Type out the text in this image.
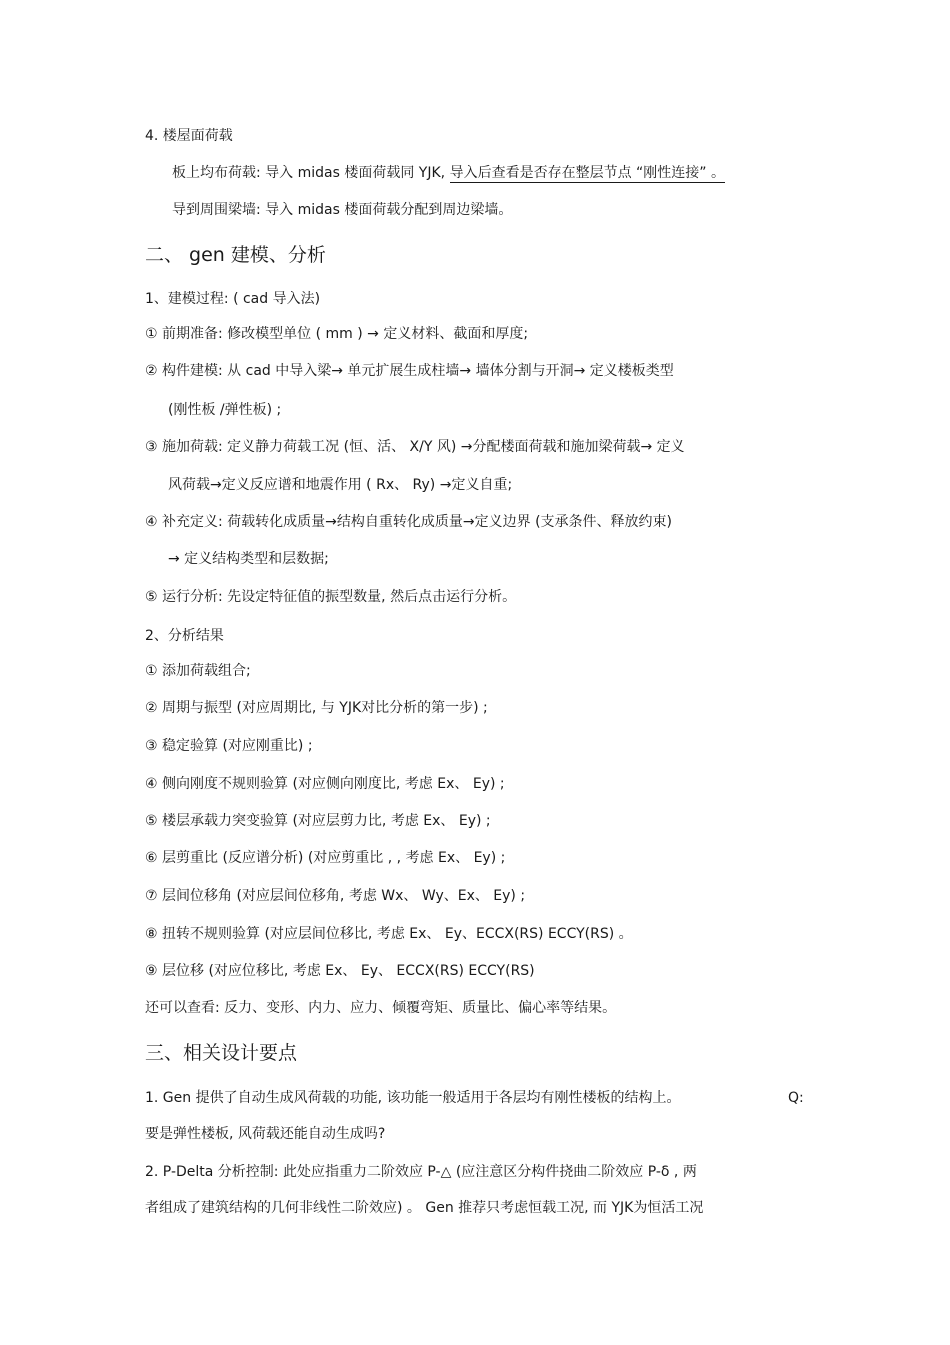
4. 楼屋面荷载
板上均布荷载: 导入 midas 楼面荷载同 YJK, 导入后查看是否存在整层节点 “刚性连接” 。
导到周围梁墙: 导入 midas 楼面荷载分配到周边梁墙。
二、 gen 建模、分析
1、建模过程: ( cad 导入法)
① 前期准备: 修改模型单位 ( mm ) → 定义材料、截面和厚度;
② 构件建模: 从 cad 中导入梁→ 单元扩展生成柱墙→ 墙体分割与开洞→ 定义楼板类型
(刚性板 /弹性板) ;
③ 施加荷载: 定义静力荷载工况 (恒、活、 X/Y 风) →分配楼面荷载和施加梁荷载→ 定义
风荷载→定义反应谱和地震作用 ( Rx、 Ry) →定义自重;
④ 补充定义: 荷载转化成质量→结构自重转化成质量→定义边界 (支承条件、释放约束)
→ 定义结构类型和层数据;
⑤ 运行分析: 先设定特征值的振型数量, 然后点击运行分析。
2、分析结果
① 添加荷载组合;
② 周期与振型 (对应周期比, 与 YJK对比分析的第一步) ;
③ 稳定验算 (对应刚重比) ;
④ 侧向刚度不规则验算 (对应侧向刚度比, 考虑 Ex、 Ey) ;
⑤ 楼层承载力突变验算 (对应层剪力比, 考虑 Ex、 Ey) ;
⑥ 层剪重比 (反应谱分析) (对应剪重比 , , 考虑 Ex、 Ey) ;
⑦ 层间位移角 (对应层间位移角, 考虑 Wx、 Wy、Ex、 Ey) ;
⑧ 扭转不规则验算 (对应层间位移比, 考虑 Ex、 Ey、ECCX(RS) ECCY(RS) 。
⑨ 层位移 (对应位移比, 考虑 Ex、 Ey、 ECCX(RS) ECCY(RS)
还可以查看: 反力、变形、内力、应力、倾覆弯矩、质量比、偏心率等结果。
三、相关设计要点
1. Gen 提供了自动生成风荷载的功能, 该功能一般适用于各层均有刚性楼板的结构上。	Q:
要是弹性楼板, 风荷载还能自动生成吗?
2. P-Delta 分析控制: 此处应指重力二阶效应 P-△ (应注意区分构件挠曲二阶效应 P-δ , 两
者组成了建筑结构的几何非线性二阶效应) 。 Gen 推荐只考虑恒载工况, 而 YJK为恒活工况
